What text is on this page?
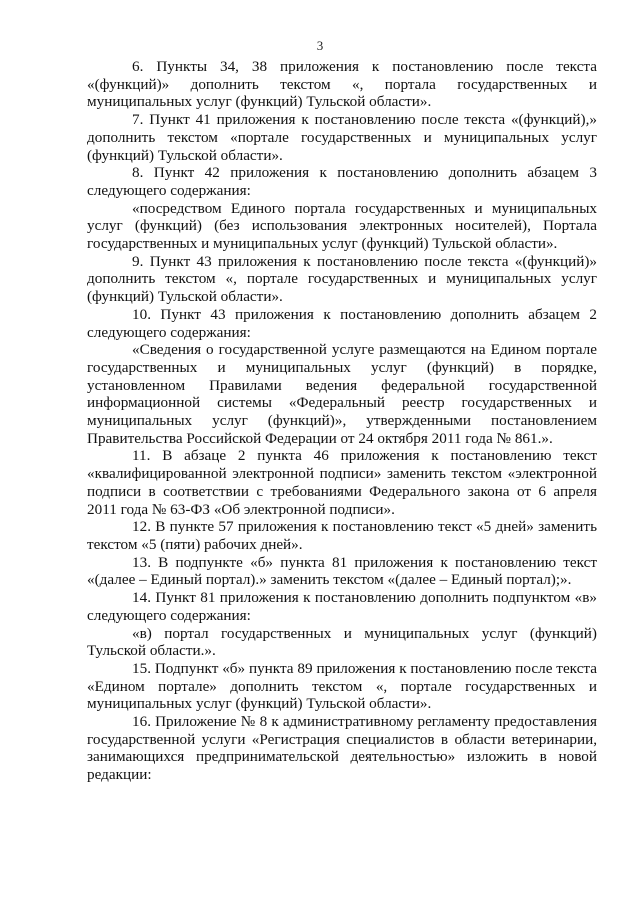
3

6. Пункты 34, 38 приложения к постановлению после текста «(функций)» дополнить текстом «, портала государственных и муниципальных услуг (функций) Тульской области».

7. Пункт 41 приложения к постановлению после текста «(функций),» дополнить текстом «портале государственных и муниципальных услуг (функций) Тульской области».

8. Пункт 42 приложения к постановлению дополнить абзацем 3 следующего содержания:

«посредством Единого портала государственных и муниципальных услуг (функций) (без использования электронных носителей), Портала государственных и муниципальных услуг (функций) Тульской области».

9. Пункт 43 приложения к постановлению после текста «(функций)» дополнить текстом «, портале государственных и муниципальных услуг (функций) Тульской области».

10. Пункт 43 приложения к постановлению дополнить абзацем 2 следующего содержания:

«Сведения о государственной услуге размещаются на Едином портале государственных и муниципальных услуг (функций) в порядке, установленном Правилами ведения федеральной государственной информационной системы «Федеральный реестр государственных и муниципальных услуг (функций)», утвержденными постановлением Правительства Российской Федерации от 24 октября 2011 года № 861.».

11. В абзаце 2 пункта 46 приложения к постановлению текст «квалифицированной электронной подписи» заменить текстом «электронной подписи в соответствии с требованиями Федерального закона от 6 апреля 2011 года № 63-ФЗ «Об электронной подписи».

12. В пункте 57 приложения к постановлению текст «5 дней» заменить текстом «5 (пяти) рабочих дней».

13. В подпункте «б» пункта 81 приложения к постановлению текст «(далее – Единый портал).» заменить текстом «(далее – Единый портал);».

14. Пункт 81 приложения к постановлению дополнить подпунктом «в» следующего содержания:

«в) портал государственных и муниципальных услуг (функций) Тульской области.».

15. Подпункт «б» пункта 89 приложения к постановлению после текста «Едином портале» дополнить текстом «, портале государственных и муниципальных услуг (функций) Тульской области».

16. Приложение № 8 к административному регламенту предоставления государственной услуги «Регистрация специалистов в области ветеринарии, занимающихся предпринимательской деятельностью» изложить в новой редакции:
